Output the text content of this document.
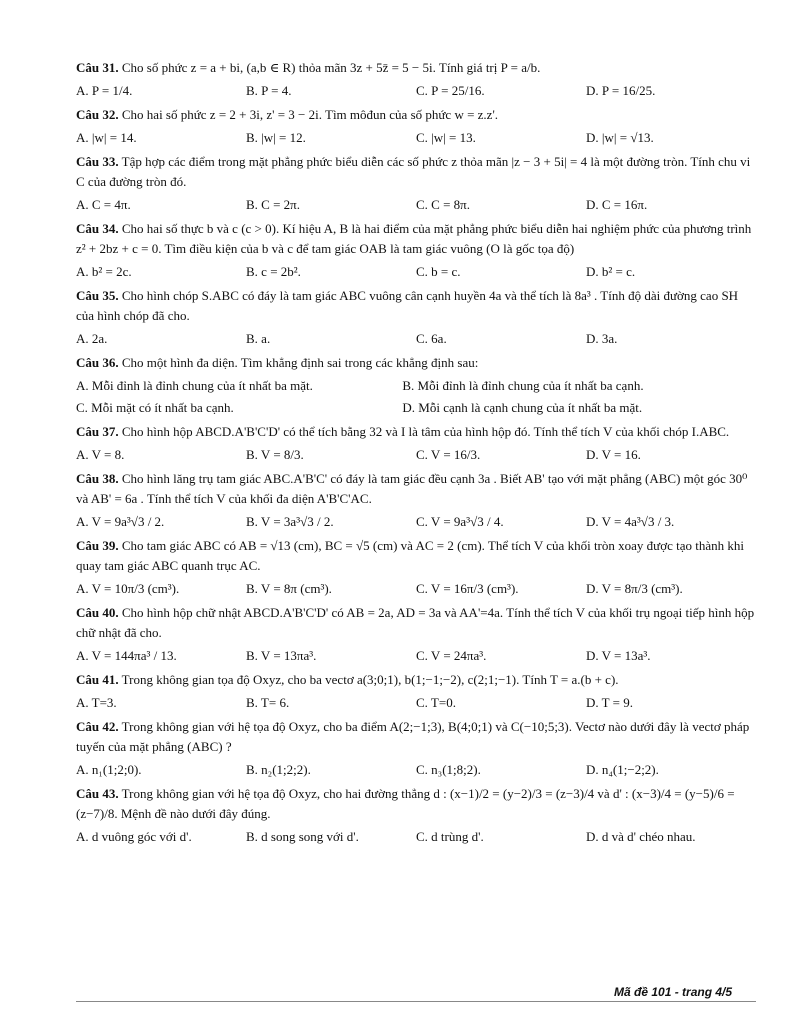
Câu 31. Cho số phức z = a + bi, (a,b ∈ R) thỏa mãn 3z + 5z̄ = 5 − 5i. Tính giá trị P = a/b.
A. P = 1/4.	B. P = 4.	C. P = 25/16.	D. P = 16/25.
Câu 32. Cho hai số phức z = 2 + 3i, z' = 3 − 2i. Tìm môđun của số phức w = z.z'.
A. |w| = 14.	B. |w| = 12.	C. |w| = 13.	D. |w| = √13.
Câu 33. Tập hợp các điểm trong mặt phẳng phức biểu diễn các số phức z thỏa mãn |z − 3 + 5i| = 4 là một đường tròn. Tính chu vi C của đường tròn đó.
A. C = 4π.	B. C = 2π.	C. C = 8π.	D. C = 16π.
Câu 34. Cho hai số thực b và c (c > 0). Kí hiệu A, B là hai điểm của mặt phẳng phức biểu diễn hai nghiệm phức của phương trình z² + 2bz + c = 0. Tìm điều kiện của b và c để tam giác OAB là tam giác vuông (O là gốc tọa độ)
A. b² = 2c.	B. c = 2b².	C. b = c.	D. b² = c.
Câu 35. Cho hình chóp S.ABC có đáy là tam giác ABC vuông cân cạnh huyền 4a và thể tích là 8a³ . Tính độ dài đường cao SH của hình chóp đã cho.
A. 2a.	B. a.	C. 6a.	D. 3a.
Câu 36. Cho một hình đa diện. Tìm khẳng định sai trong các khẳng định sau:
A. Mỗi đỉnh là đỉnh chung của ít nhất ba mặt.	B. Mỗi đỉnh là đỉnh chung của ít nhất ba cạnh.
C. Mỗi mặt có ít nhất ba cạnh.	D. Mỗi cạnh là cạnh chung của ít nhất ba mặt.
Câu 37. Cho hình hộp ABCD.A'B'C'D' có thể tích bằng 32 và I là tâm của hình hộp đó. Tính thể tích V của khối chóp I.ABC.
A. V = 8.	B. V = 8/3.	C. V = 16/3.	D. V = 16.
Câu 38. Cho hình lăng trụ tam giác ABC.A'B'C' có đáy là tam giác đều cạnh 3a . Biết AB' tạo với mặt phẳng (ABC) một góc 30⁰ và AB' = 6a . Tính thể tích V của khối đa diện A'B'C'AC.
A. V = 9a³√3 / 2.	B. V = 3a³√3 / 2.	C. V = 9a³√3 / 4.	D. V = 4a³√3 / 3.
Câu 39. Cho tam giác ABC có AB = √13 (cm), BC = √5 (cm) và AC = 2 (cm). Thể tích V của khối tròn xoay được tạo thành khi quay tam giác ABC quanh trục AC.
A. V = 10π/3 (cm³).	B. V = 8π (cm³).	C. V = 16π/3 (cm³).	D. V = 8π/3 (cm³).
Câu 40. Cho hình hộp chữ nhật ABCD.A'B'C'D' có AB = 2a, AD = 3a và AA'=4a. Tính thể tích V của khối trụ ngoại tiếp hình hộp chữ nhật đã cho.
A. V = 144πa³ / 13.	B. V = 13πa³.	C. V = 24πa³.	D. V = 13a³.
Câu 41. Trong không gian tọa độ Oxyz, cho ba vectơ a(3;0;1), b(1;−1;−2), c(2;1;−1). Tính T = a.(b + c).
A. T=3.	B. T= 6.	C. T=0.	D. T = 9.
Câu 42. Trong không gian với hệ tọa độ Oxyz, cho ba điểm A(2;−1;3), B(4;0;1) và C(−10;5;3). Vectơ nào dưới đây là vectơ pháp tuyến của mặt phẳng (ABC) ?
A. n₁(1;2;0).	B. n₂(1;2;2).	C. n₃(1;8;2).	D. n₄(1;−2;2).
Câu 43. Trong không gian với hệ tọa độ Oxyz, cho hai đường thẳng d : (x−1)/2 = (y−2)/3 = (z−3)/4 và d' : (x−3)/4 = (y−5)/6 = (z−7)/8. Mệnh đề nào dưới đây đúng.
A. d vuông góc với d'.	B. d song song với d'.	C. d trùng d'.	D. d và d' chéo nhau.
Mã đề 101 - trang 4/5
